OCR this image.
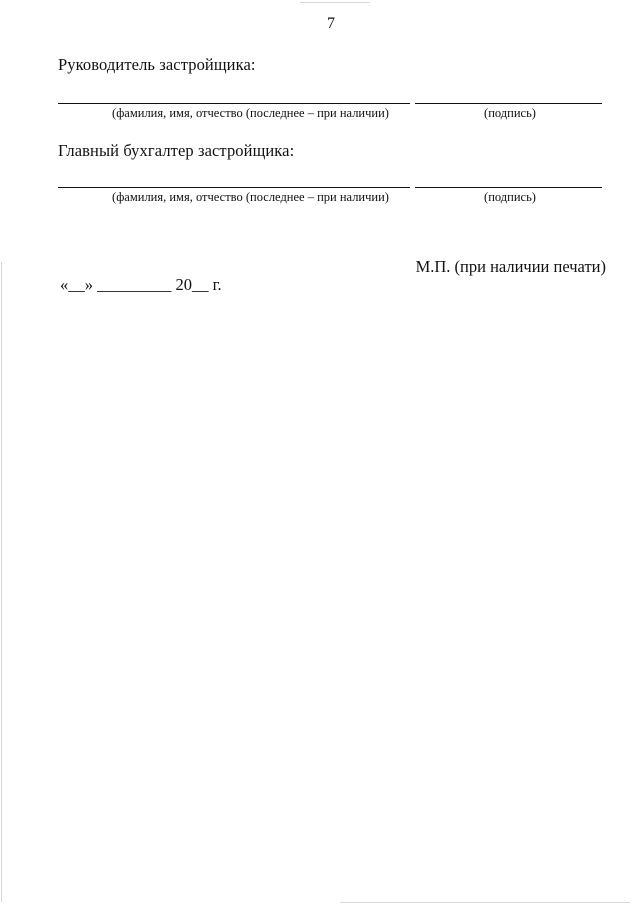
7
Руководитель застройщика:
(фамилия, имя, отчество (последнее – при наличии)	(подпись)
Главный бухгалтер застройщика:
(фамилия, имя, отчество (последнее – при наличии)	(подпись)
М.П. (при наличии печати)
«__» _________ 20__ г.
